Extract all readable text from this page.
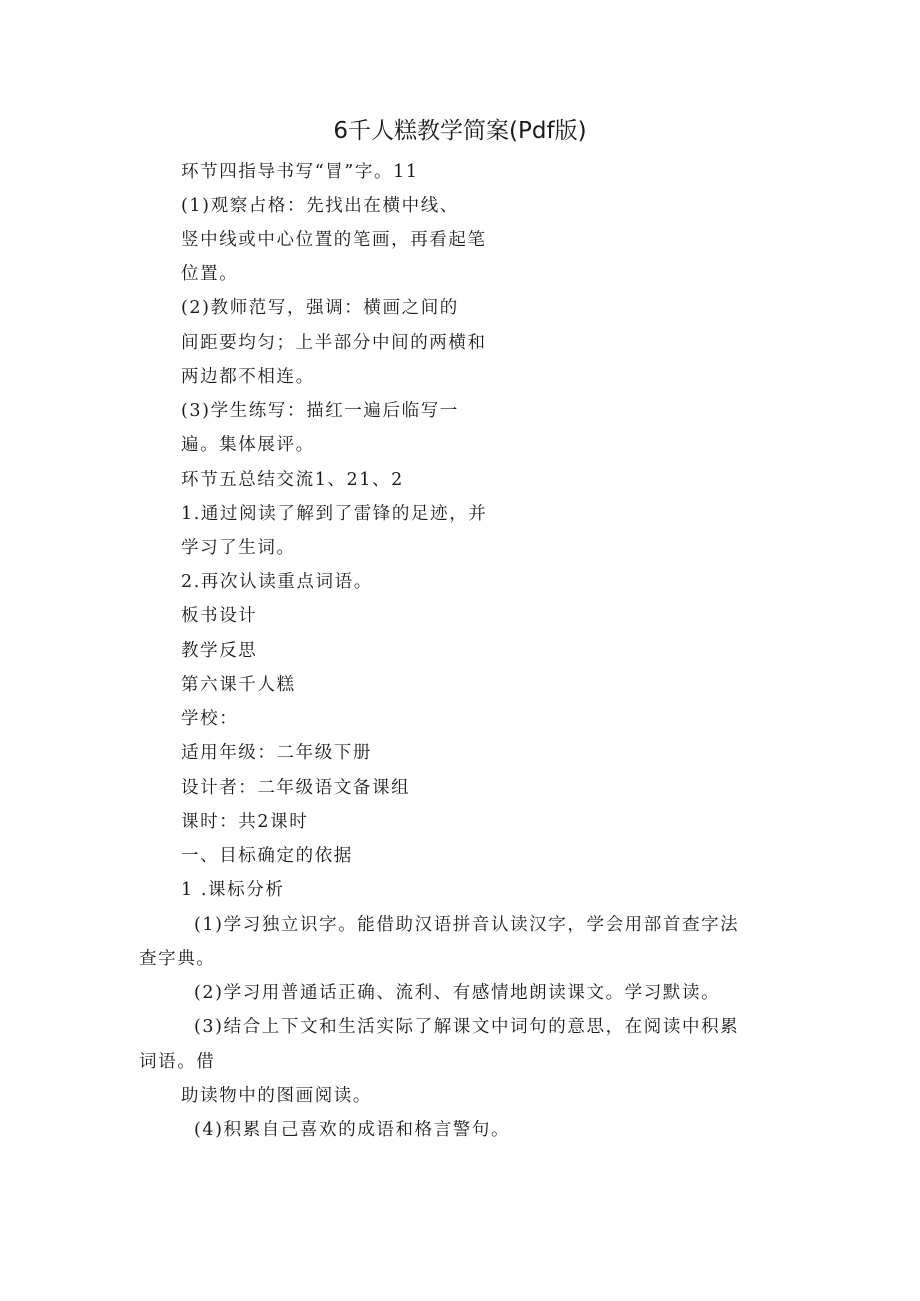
6千人糕教学简案(Pdf版)
环节四指导书写“冒”字。11
(1)观察占格：先找出在横中线、
竖中线或中心位置的笔画，再看起笔
位置。
(2)教师范写，强调：横画之间的
间距要均匀；上半部分中间的两横和
两边都不相连。
(3)学生练写：描红一遍后临写一
遍。集体展评。
环节五总结交流1、21、2
1.通过阅读了解到了雷锋的足迹，并
学习了生词。
2.再次认读重点词语。
板书设计
教学反思
第六课千人糕
学校：
适用年级：二年级下册
设计者：二年级语文备课组
课时：共2课时
一、目标确定的依据
1 .课标分析
(1)学习独立识字。能借助汉语拼音认读汉字，学会用部首查字法
查字典。
(2)学习用普通话正确、流利、有感情地朗读课文。学习默读。
(3)结合上下文和生活实际了解课文中词句的意思，在阅读中积累
词语。借
助读物中的图画阅读。
(4)积累自己喜欢的成语和格言警句。
